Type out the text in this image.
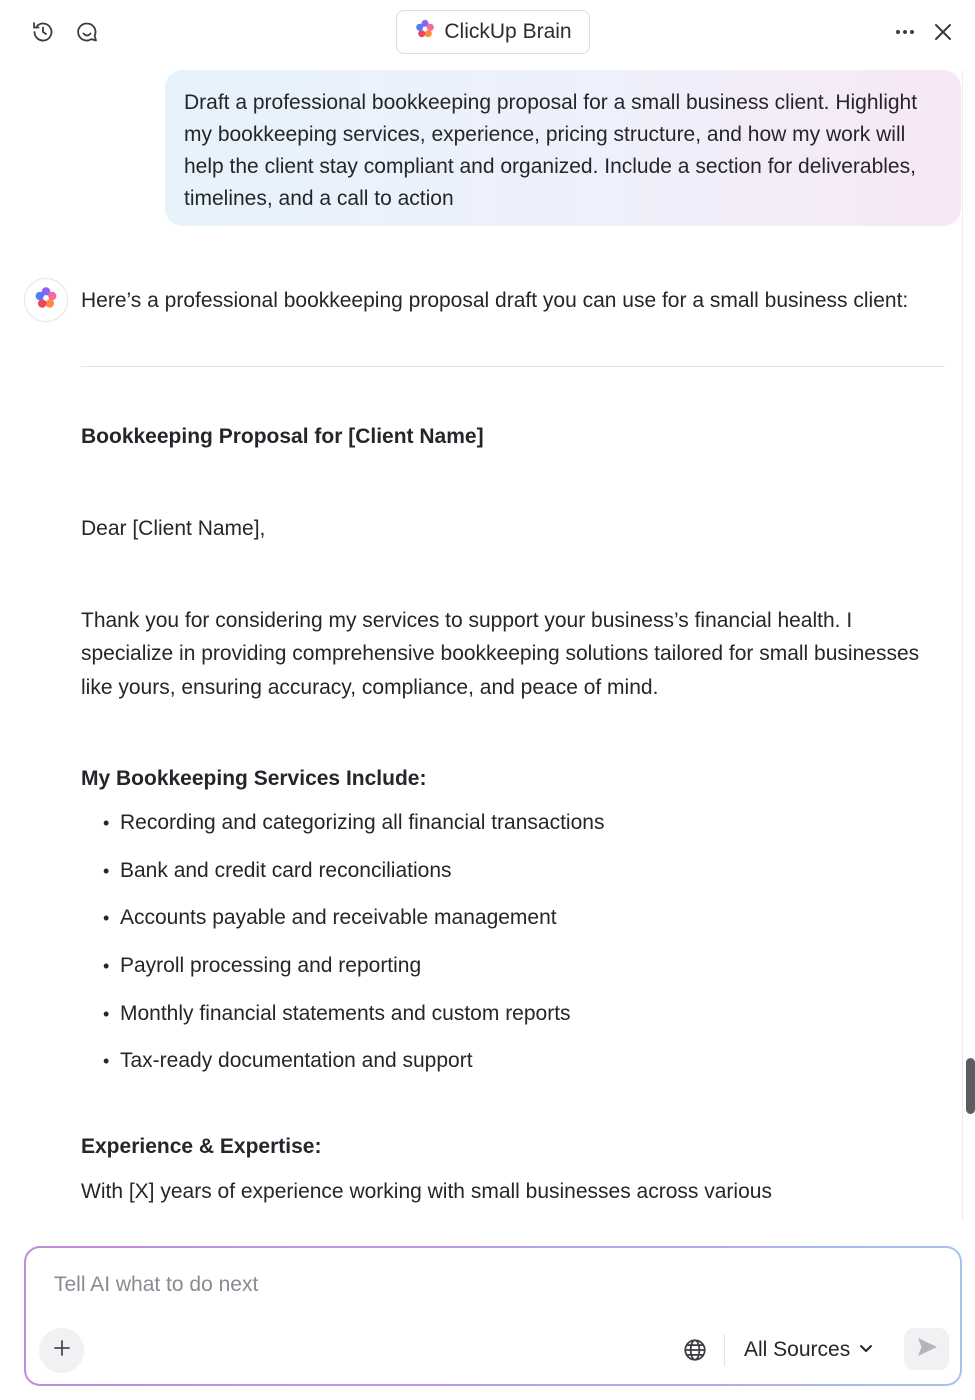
ClickUp Brain

Draft a professional bookkeeping proposal for a small business client. Highlight my bookkeeping services, experience, pricing structure, and how my work will help the client stay compliant and organized. Include a section for deliverables, timelines, and a call to action

Here’s a professional bookkeeping proposal draft you can use for a small business client:

Bookkeeping Proposal for [Client Name]

Dear [Client Name],

Thank you for considering my services to support your business’s financial health. I specialize in providing comprehensive bookkeeping solutions tailored for small businesses like yours, ensuring accuracy, compliance, and peace of mind.

My Bookkeeping Services Include:

• Recording and categorizing all financial transactions
• Bank and credit card reconciliations
• Accounts payable and receivable management
• Payroll processing and reporting
• Monthly financial statements and custom reports
• Tax-ready documentation and support

Experience & Expertise:

With [X] years of experience working with small businesses across various

Tell AI what to do next
All Sources
